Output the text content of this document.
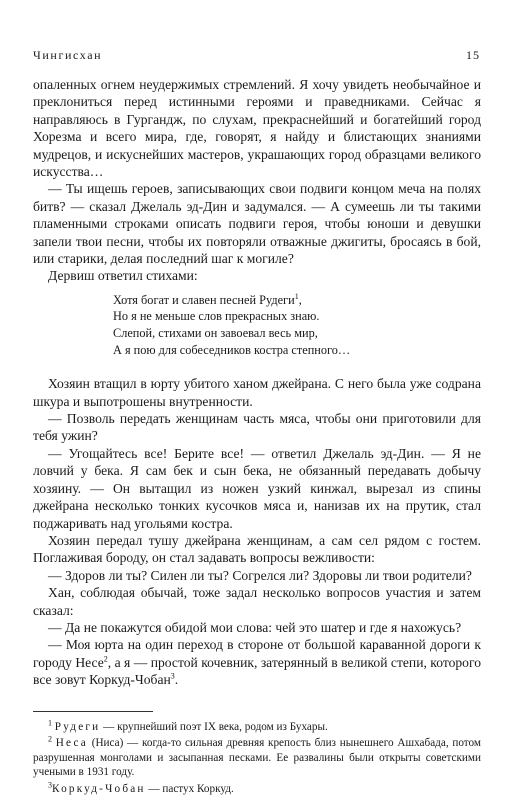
Чингисхан	15

опаленных огнем неудержимых стремлений. Я хочу увидеть необычайное и преклониться перед истинными героями и праведниками. Сейчас я направляюсь в Гургандж, по слухам, прекраснейший и богатейший город Хорезма и всего мира, где, говорят, я найду и блистающих знаниями мудрецов, и искуснейших мастеров, украшающих город образцами великого искусства…

— Ты ищешь героев, записывающих свои подвиги концом меча на полях битв? — сказал Джелаль эд-Дин и задумался. — А сумеешь ли ты такими пламенными строками описать подвиги героя, чтобы юноши и девушки запели твои песни, чтобы их повторяли отважные джигиты, бросаясь в бой, или старики, делая последний шаг к могиле?

Дервиш ответил стихами:

Хотя богат и славен песней Рудеги$^1$,
Но я не меньше слов прекрасных знаю.
Слепой, стихами он завоевал весь мир,
А я пою для собеседников костра степного…

Хозяин втащил в юрту убитого ханом джейрана. С него была уже содрана шкура и выпотрошены внутренности.

— Позволь передать женщинам часть мяса, чтобы они приготовили для тебя ужин?

— Угощайтесь все! Берите все! — ответил Джелаль эд-Дин. — Я не ловчий у бека. Я сам бек и сын бека, не обязанный передавать добычу хозяину. — Он вытащил из ножен узкий кинжал, вырезал из спины джейрана несколько тонких кусочков мяса и, нанизав их на прутик, стал поджаривать над угольями костра.

Хозяин передал тушу джейрана женщинам, а сам сел рядом с гостем. Поглаживая бороду, он стал задавать вопросы вежливости:

— Здоров ли ты? Силен ли ты? Согрелся ли? Здоровы ли твои родители?

Хан, соблюдая обычай, тоже задал несколько вопросов участия и затем сказал:

— Да не покажутся обидой мои слова: чей это шатер и где я нахожусь?

— Моя юрта на один переход в стороне от большой караванной дороги к городу Несе$^2$, а я — простой кочевник, затерянный в великой степи, которого все зовут Коркуд-Чобан$^3$.

$^1$ Рудеги — крупнейший поэт IX века, родом из Бухары.

$^2$ Неса (Ниса) — когда-то сильная древняя крепость близ нынешнего Ашхабада, потом разрушенная монголами и засыпанная песками. Ее развалины были открыты советскими учеными в 1931 году.

$^3$Коркуд-Чобан — пастух Коркуд.
